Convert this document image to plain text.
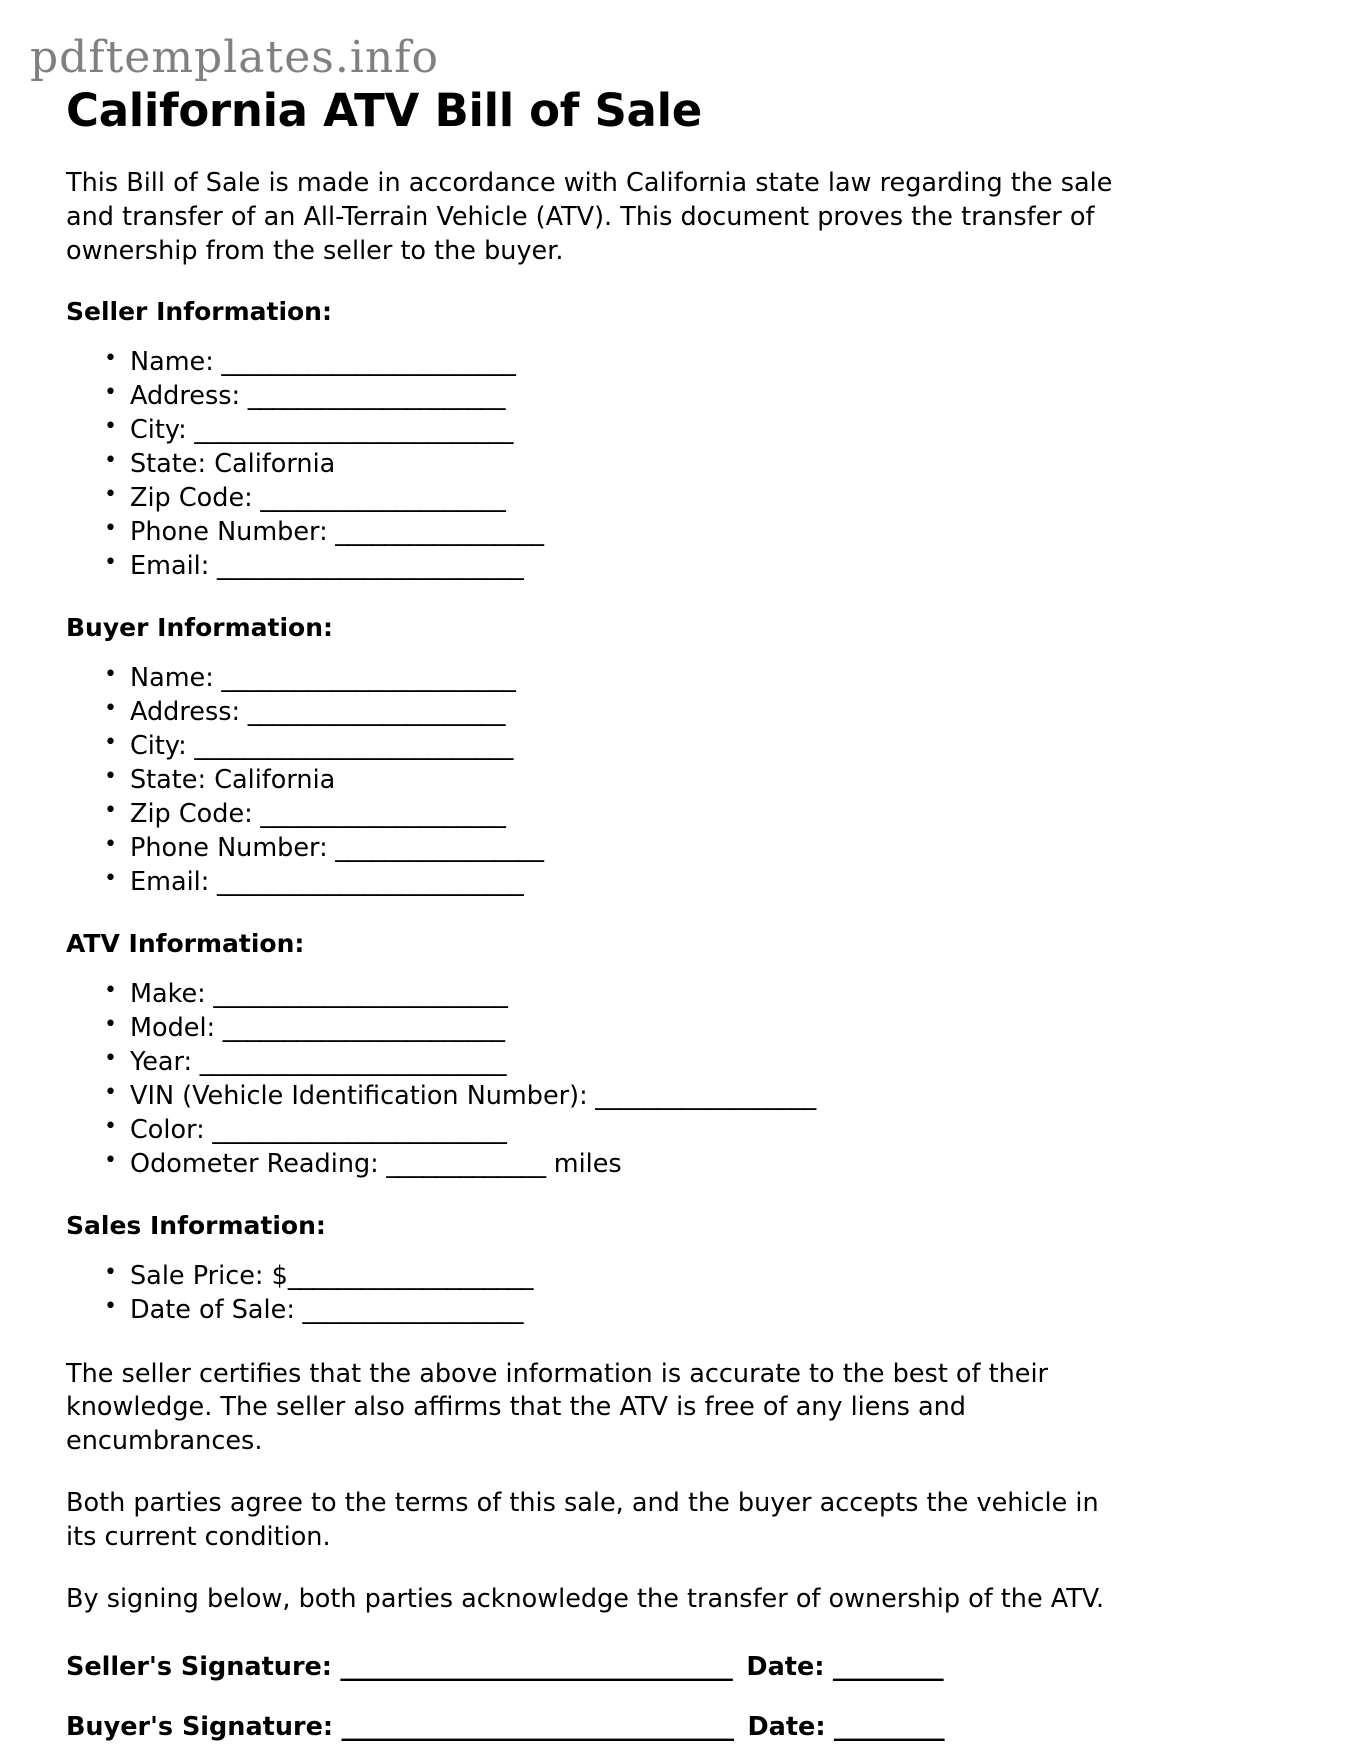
pdftemplates.info
California ATV Bill of Sale

This Bill of Sale is made in accordance with California state law regarding the sale and transfer of an All-Terrain Vehicle (ATV). This document proves the transfer of ownership from the seller to the buyer.

Seller Information:
• Name: ________________________
• Address: _____________________
• City: __________________________
• State: California
• Zip Code: ____________________
• Phone Number: _________________
• Email: _________________________
Buyer Information:
• Name: ________________________
• Address: _____________________
• City: __________________________
• State: California
• Zip Code: ____________________
• Phone Number: _________________
• Email: _________________________
ATV Information:
• Make: ________________________
• Model: _______________________
• Year: _________________________
• VIN (Vehicle Identification Number): __________________
• Color: ________________________
• Odometer Reading: _____________ miles
Sales Information:
• Sale Price: $____________________
• Date of Sale: __________________

The seller certifies that the above information is accurate to the best of their knowledge. The seller also affirms that the ATV is free of any liens and encumbrances.

Both parties agree to the terms of this sale, and the buyer accepts the vehicle in its current condition.

By signing below, both parties acknowledge the transfer of ownership of the ATV.

Seller's Signature: ________________________________ Date: _________
Buyer's Signature: ________________________________ Date: _________
